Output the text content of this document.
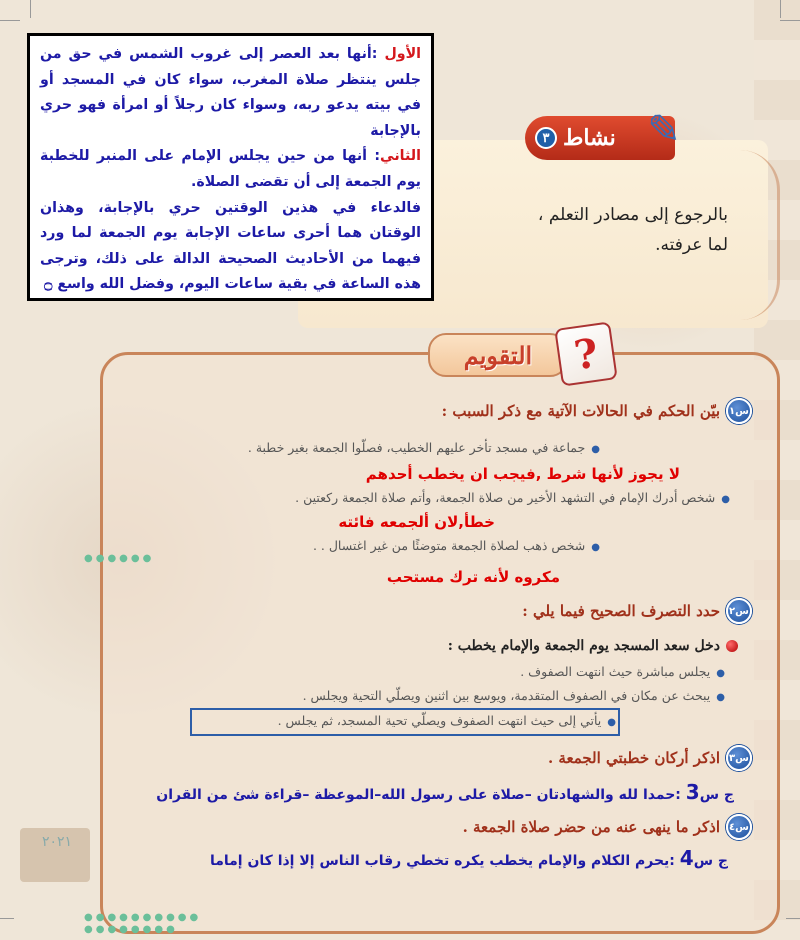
٣ نشاط ✎
بالرجوع إلى مصادر التعلم ،
لما عرفته.
الأول :أنها بعد العصر إلى غروب الشمس في حق من جلس ينتظر صلاة المغرب، سواء كان في المسجد أو في بيته يدعو ربه، وسواء كان رجلاً أو امرأة فهو حري بالإجابة
الثاني: أنها من حين يجلس الإمام على المنبر للخطبة يوم الجمعة إلى أن تقضى الصلاة.
فالدعاء في هذين الوقتين حري بالإجابة، وهذان الوقتان هما أحرى ساعات الإجابة يوم الجمعة لما ورد فيهما من الأحاديث الصحيحة الدالة على ذلك، وترجى هذه الساعة في بقية ساعات اليوم، وفضل الله واسع ۝
التقويم ?
س١
بيّن الحكم في الحالات الآتية مع ذكر السبب :
● جماعة في مسجد تأخر عليهم الخطيب، فصلّوا الجمعة بغير خطبة .
لا يجوز لأنها شرط ,فيجب ان يخطب أحدهم
● شخص أدرك الإمام في التشهد الأخير من صلاة الجمعة، وأتم صلاة الجمعة ركعتين .
خطأ,لان ألجمعه فائته
● شخص ذهب لصلاة الجمعة متوضئًا من غير اغتسال . .
مكروه لأنه ترك مستحب
س٢
حدد التصرف الصحيح فيما يلي :
دخل سعد المسجد يوم الجمعة والإمام يخطب :
● يجلس مباشرة حيث انتهت الصفوف .
● يبحث عن مكان في الصفوف المتقدمة، ويوسع بين اثنين ويصلّي التحية ويجلس .
● يأتي إلى حيث انتهت الصفوف ويصلّي تحية المسجد، ثم يجلس .
س٣
اذكر أركان خطبتي الجمعة .
ج س3 :حمدا لله والشهادتان –صلاة على رسول الله–الموعظة –قراءة شئ من القران
س٤
اذكر ما ينهى عنه من حضر صلاة الجمعة .
ج س4 :يحرم الكلام والإمام يخطب يكره تخطي رقاب الناس إلا إذا كان إماما
٢٠٢١
●●●●●●
●●●●●●●●●●
●●●●●●●●
